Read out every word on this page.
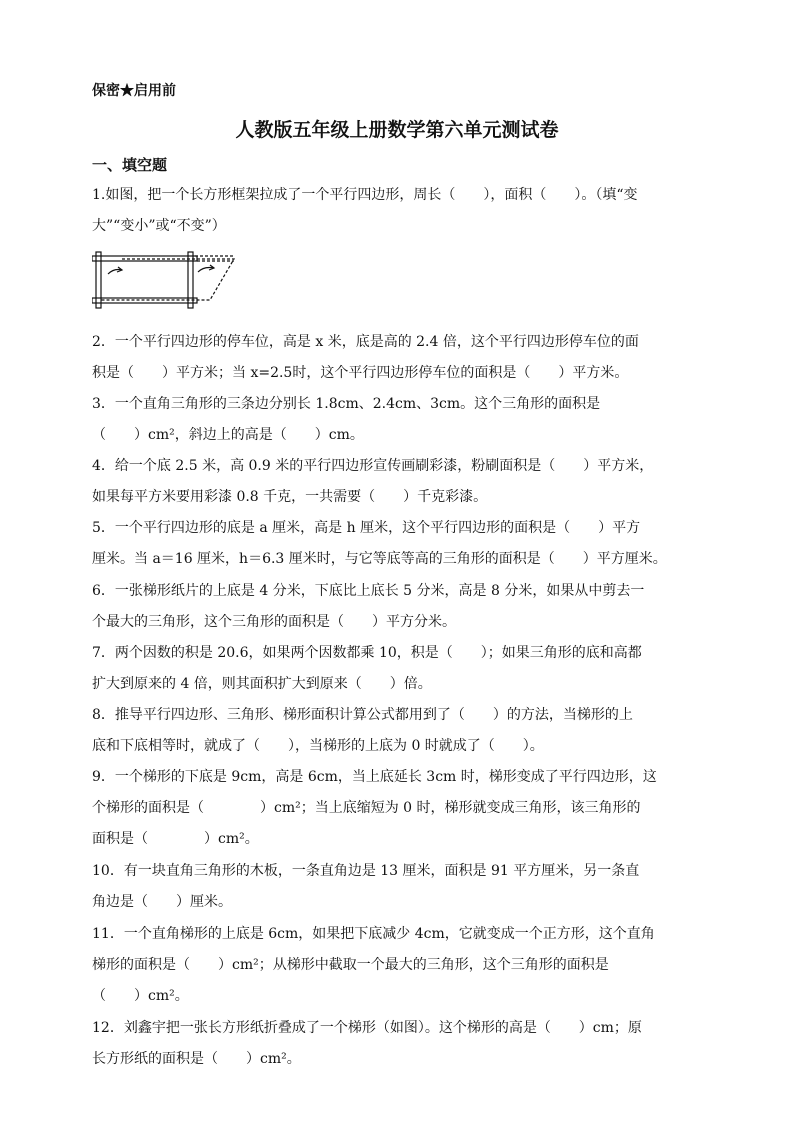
保密★启用前
人教版五年级上册数学第六单元测试卷
一、填空题

1.如图，把一个长方形框架拉成了一个平行四边形，周长（　　），面积（　　）。（填“变

大”“变小”或“不变”）

2．一个平行四边形的停车位，高是 x 米，底是高的 2.4 倍，这个平行四边形停车位的面

积是（　　）平方米；当 x=2.5时，这个平行四边形停车位的面积是（　　）平方米。

3．一个直角三角形的三条边分别长 1.8cm、2.4cm、3cm。这个三角形的面积是

（　　）cm²，斜边上的高是（　　）cm。

4．给一个底 2.5 米，高 0.9 米的平行四边形宣传画刷彩漆，粉刷面积是（　　）平方米，

如果每平方米要用彩漆 0.8 千克，一共需要（　　）千克彩漆。

5．一个平行四边形的底是 a 厘米，高是 h 厘米，这个平行四边形的面积是（　　）平方

厘米。当 a＝16 厘米，h＝6.3 厘米时，与它等底等高的三角形的面积是（　　）平方厘米。

6．一张梯形纸片的上底是 4 分米，下底比上底长 5 分米，高是 8 分米，如果从中剪去一

个最大的三角形，这个三角形的面积是（　　）平方分米。

7．两个因数的积是 20.6，如果两个因数都乘 10，积是（　　）；如果三角形的底和高都

扩大到原来的 4 倍，则其面积扩大到原来（　　）倍。

8．推导平行四边形、三角形、梯形面积计算公式都用到了（　　）的方法，当梯形的上

底和下底相等时，就成了（　　），当梯形的上底为 0 时就成了（　　）。

9．一个梯形的下底是 9cm，高是 6cm，当上底延长 3cm 时，梯形变成了平行四边形，这

个梯形的面积是（　　　　）cm²；当上底缩短为 0 时，梯形就变成三角形，该三角形的

面积是（　　　　）cm²。

10．有一块直角三角形的木板，一条直角边是 13 厘米，面积是 91 平方厘米，另一条直

角边是（　　）厘米。

11．一个直角梯形的上底是 6cm，如果把下底减少 4cm，它就变成一个正方形，这个直角

梯形的面积是（　　）cm²；从梯形中截取一个最大的三角形，这个三角形的面积是

（　　）cm²。

12．刘鑫宇把一张长方形纸折叠成了一个梯形（如图）。这个梯形的高是（　　）cm；原

长方形纸的面积是（　　）cm²。
